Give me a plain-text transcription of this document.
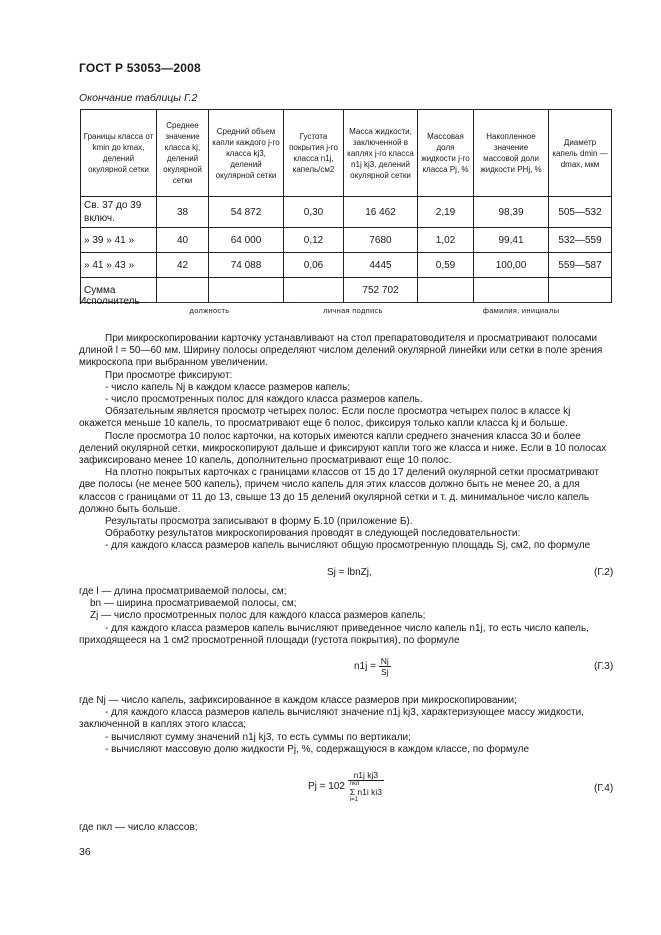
ГОСТ Р 53053—2008
Окончание таблицы Г.2
Границы класса от kmin до kmax, делений окулярной сетки	Среднее значение класса kj, делений окулярной сетки	Средний объем капли каждого j-го класса kj3, делений окулярной сетки	Густота покрытия j-го класса n1j, капель/см2	Масса жидкости, заключенной в каплях j-го класса n1j kj3, делений окулярной сетки	Массовая доля жидкости j-го класса Pj, %	Накопленное значение массовой доли жидкости PHj, %	Диаметр капель dmin — dmax, мкм
Св. 37 до 39 включ.	38	54 872	0,30	16 462	2,19	98,39	505—532
» 39 » 41 »	40	64 000	0,12	7680	1,02	99,41	532—559
» 41 » 43 »	42	74 088	0,06	4445	0,59	100,00	559—587
Сумма				752 702			
Исполнитель
должность	личная подпись	фамилия, инициалы

При микроскопировании карточку устанавливают на стол препаратоводителя и просматривают полосами длиной l = 50—60 мм. Ширину полосы определяют числом делений окулярной линейки или сетки в поле зрения микроскопа при выбранном увеличении.

При просмотре фиксируют:

- число капель Nj в каждом классе размеров капель;

- число просмотренных полос для каждого класса размеров капель.

Обязательным является просмотр четырех полос. Если после просмотра четырех полос в классе kj окажется меньше 10 капель, то просматривают еще 6 полос, фиксируя только капли класса kj и больше.

После просмотра 10 полос карточки, на которых имеются капли среднего значения класса 30 и более делений окулярной сетки, микроскопируют дальше и фиксируют капли того же класса и ниже. Если в 10 полосах зафиксировано менее 10 капель, дополнительно просматривают еще 10 полос.

На плотно покрытых карточках с границами классов от 15 до 17 делений окулярной сетки просматривают две полосы (не менее 500 капель), причем число капель для этих классов должно быть не менее 20, а для классов с границами от 11 до 13, свыше 13 до 15 делений окулярной сетки и т. д. минимальное число капель должно быть больше.

Результаты просмотра записывают в форму Б.10 (приложение Б).

Обработку результатов микроскопирования проводят в следующей последовательности:

- для каждого класса размеров капель вычисляют общую просмотренную площадь Sj, см2, по формуле

Sj = lbnZj,	(Г.2)

где l — длина просматриваемой полосы, см;

bn — ширина просматриваемой полосы, см;

Zj — число просмотренных полос для каждого класса размеров капель;

- для каждого класса размеров капель вычисляют приведенное число капель n1j, то есть число капель, приходящееся на 1 см2 просмотренной площади (густота покрытия), по формуле

$n1j = \frac{Nj}{Sj}$	(Г.3)

где Nj — число капель, зафиксированное в каждом классе размеров при микроскопировании;

- для каждого класса размеров капель вычисляют значение n1j kj3, характеризующее массу жидкости, заключенной в каплях этого класса;

- вычисляют сумму значений n1j kj3, то есть суммы по вертикали;

- вычисляют массовую долю жидкости Pj, %, содержащуюся в каждом классе, по формуле

Pj = 102 n1j kj3
nкл
Σ n1i ki3
i=1	(Г.4)

где nкл — число классов;

36
